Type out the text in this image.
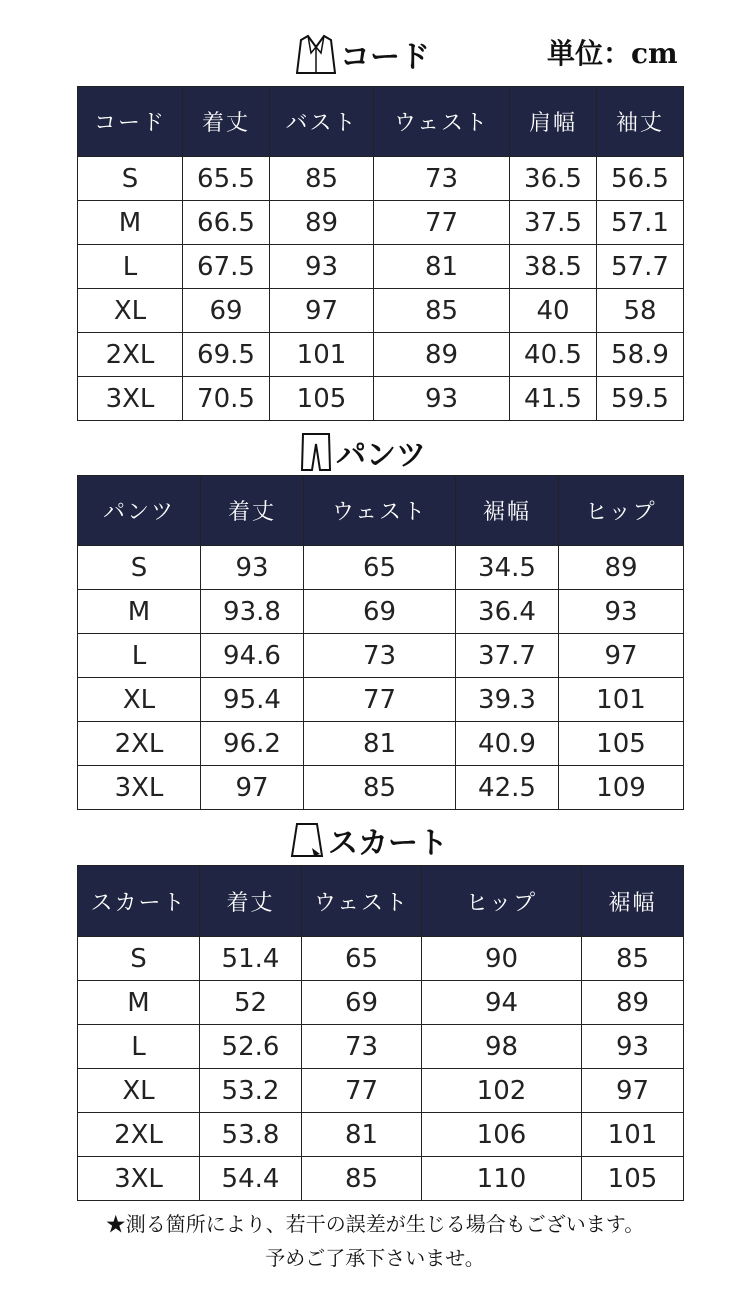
コード	単位：cm
コード	着丈	バスト	ウェスト	肩幅	袖丈
S	65.5	85	73	36.5	56.5
M	66.5	89	77	37.5	57.1
L	67.5	93	81	38.5	57.7
XL	69	97	85	40	58
2XL	69.5	101	89	40.5	58.9
3XL	70.5	105	93	41.5	59.5
パンツ
パンツ	着丈	ウェスト	裾幅	ヒップ
S	93	65	34.5	89
M	93.8	69	36.4	93
L	94.6	73	37.7	97
XL	95.4	77	39.3	101
2XL	96.2	81	40.9	105
3XL	97	85	42.5	109
スカート
スカート	着丈	ウェスト	ヒップ	裾幅
S	51.4	65	90	85
M	52	69	94	89
L	52.6	73	98	93
XL	53.2	77	102	97
2XL	53.8	81	106	101
3XL	54.4	85	110	105
★測る箇所により、若干の誤差が生じる場合もございます。
予めご了承下さいませ。
